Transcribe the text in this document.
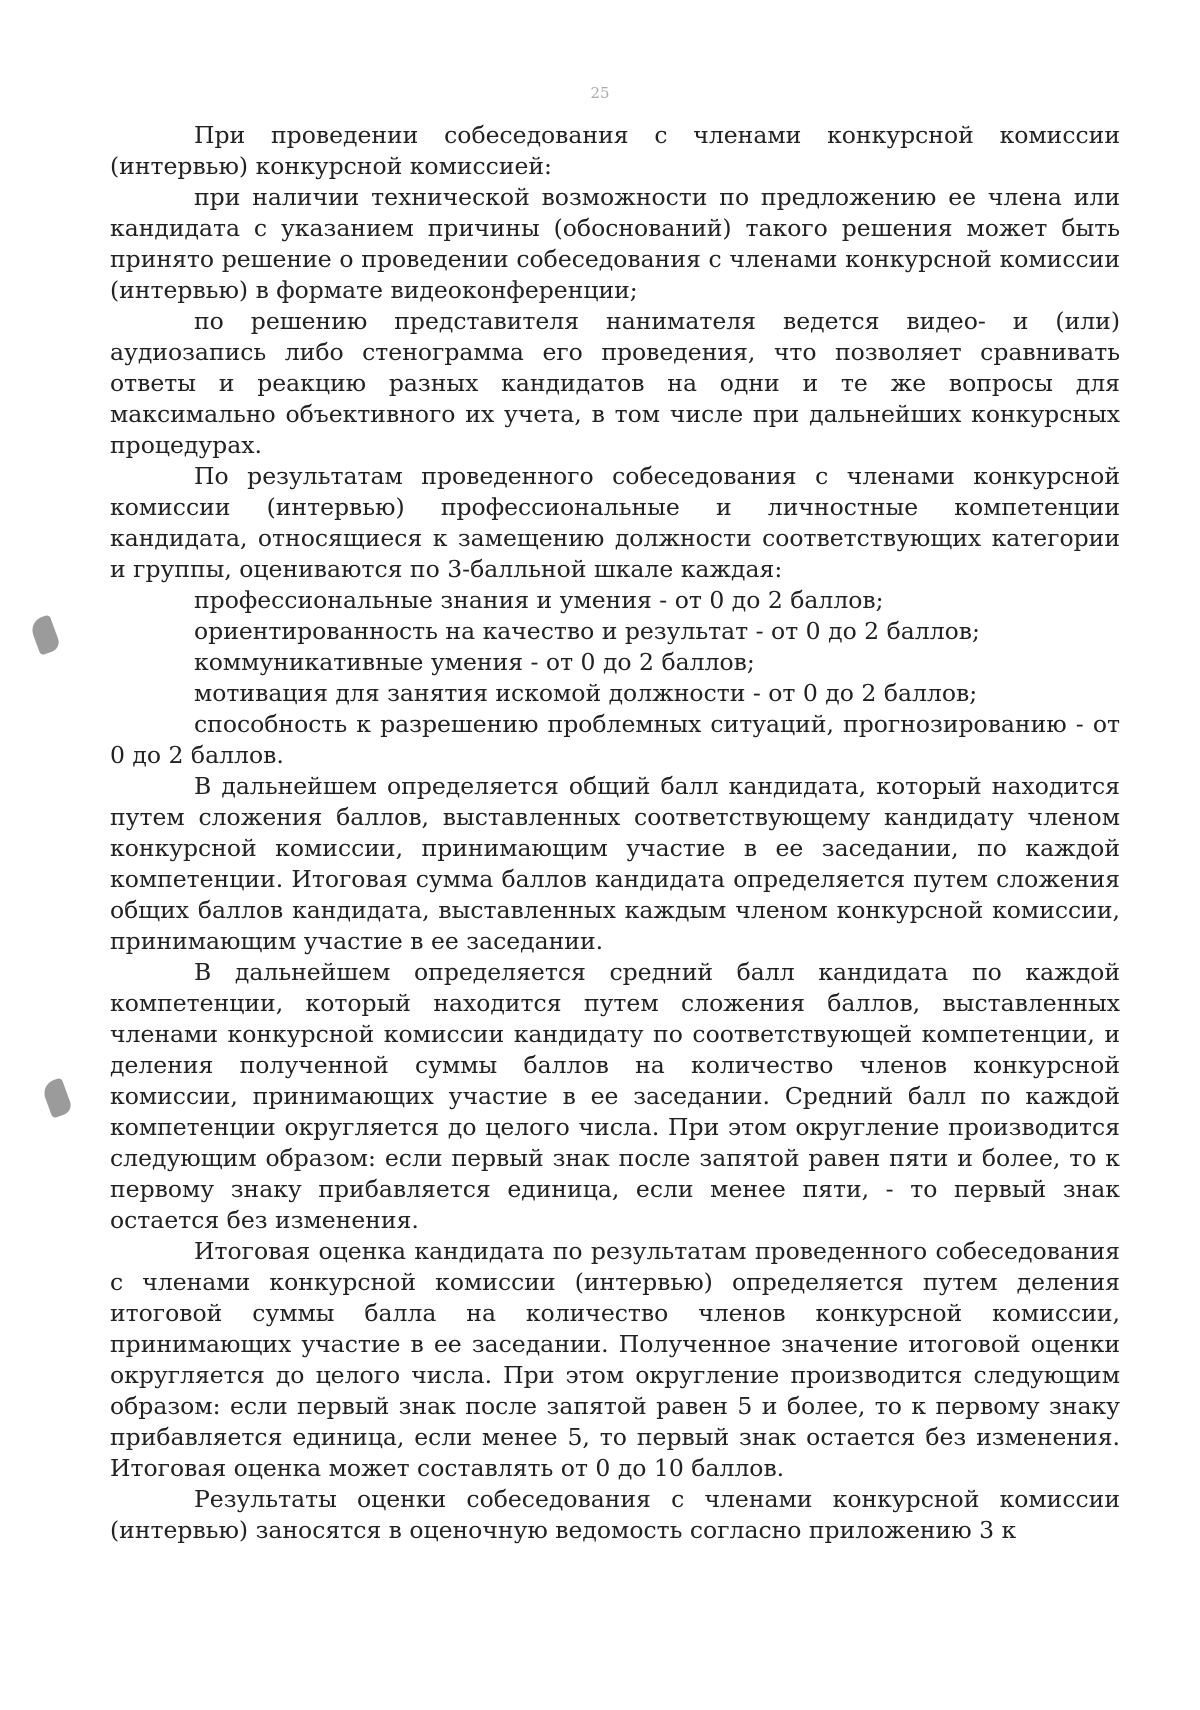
25

При проведении собеседования с членами конкурсной комиссии (интервью) конкурсной комиссией:

при наличии технической возможности по предложению ее члена или кандидата с указанием причины (обоснований) такого решения может быть принято решение о проведении собеседования с членами конкурсной комиссии (интервью) в формате видеоконференции;

по решению представителя нанимателя ведется видео- и (или) аудиозапись либо стенограмма его проведения, что позволяет сравнивать ответы и реакцию разных кандидатов на одни и те же вопросы для максимально объективного их учета, в том числе при дальнейших конкурсных процедурах.

По результатам проведенного собеседования с членами конкурсной комиссии (интервью) профессиональные и личностные компетенции кандидата, относящиеся к замещению должности соответствующих категории и группы, оцениваются по 3-балльной шкале каждая:

профессиональные знания и умения - от 0 до 2 баллов;

ориентированность на качество и результат - от 0 до 2 баллов;

коммуникативные умения - от 0 до 2 баллов;

мотивация для занятия искомой должности - от 0 до 2 баллов;

способность к разрешению проблемных ситуаций, прогнозированию - от 0 до 2 баллов.

В дальнейшем определяется общий балл кандидата, который находится путем сложения баллов, выставленных соответствующему кандидату членом конкурсной комиссии, принимающим участие в ее заседании, по каждой компетенции. Итоговая сумма баллов кандидата определяется путем сложения общих баллов кандидата, выставленных каждым членом конкурсной комиссии, принимающим участие в ее заседании.

В дальнейшем определяется средний балл кандидата по каждой компетенции, который находится путем сложения баллов, выставленных членами конкурсной комиссии кандидату по соответствующей компетенции, и деления полученной суммы баллов на количество членов конкурсной комиссии, принимающих участие в ее заседании. Средний балл по каждой компетенции округляется до целого числа. При этом округление производится следующим образом: если первый знак после запятой равен пяти и более, то к первому знаку прибавляется единица, если менее пяти, - то первый знак остается без изменения.

Итоговая оценка кандидата по результатам проведенного собеседования с членами конкурсной комиссии (интервью) определяется путем деления итоговой суммы балла на количество членов конкурсной комиссии, принимающих участие в ее заседании. Полученное значение итоговой оценки округляется до целого числа. При этом округление производится следующим образом: если первый знак после запятой равен 5 и более, то к первому знаку прибавляется единица, если менее 5, то первый знак остается без изменения. Итоговая оценка может составлять от 0 до 10 баллов.

Результаты оценки собеседования с членами конкурсной комиссии (интервью) заносятся в оценочную ведомость согласно приложению 3 к
